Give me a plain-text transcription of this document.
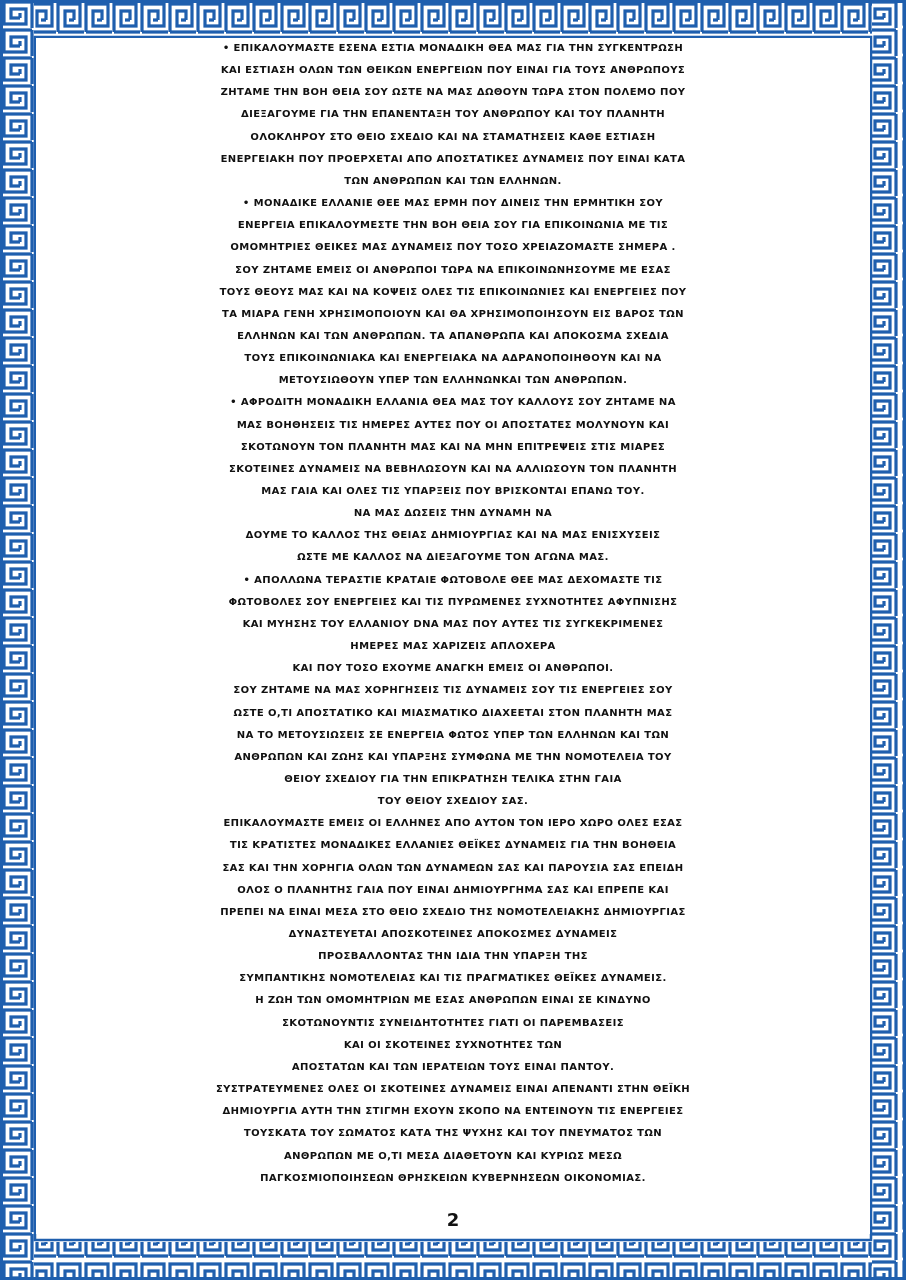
• ΕΠΙΚΑΛΟΥΜΑΣΤΕ ΕΣΕΝΑ ΕΣΤΙΑ ΜΟΝΑΔΙΚΗ ΘΕΑ ΜΑΣ ΓΙΑ ΤΗΝ ΣΥΓΚΕΝΤΡΩΣΗ
ΚΑΙ ΕΣΤΙΑΣΗ ΟΛΩΝ ΤΩΝ ΘΕΙΚΩΝ ΕΝΕΡΓΕΙΩΝ ΠΟΥ ΕΙΝΑΙ ΓΙΑ ΤΟΥΣ ΑΝΘΡΩΠΟΥΣ
ΖΗΤΑΜΕ ΤΗΝ ΒΟΗ ΘΕΙΑ ΣΟΥ ΩΣΤΕ ΝΑ ΜΑΣ ΔΩΘΟΥΝ ΤΩΡΑ ΣΤΟΝ ΠΟΛΕΜΟ ΠΟΥ
ΔΙΕΞΑΓΟΥΜΕ ΓΙΑ ΤΗΝ ΕΠΑΝΕΝΤΑΞΗ ΤΟΥ ΑΝΘΡΩΠΟΥ ΚΑΙ ΤΟΥ ΠΛΑΝΗΤΗ
ΟΛΟΚΛΗΡΟΥ ΣΤΟ ΘΕΙΟ ΣΧΕΔΙΟ ΚΑΙ ΝΑ ΣΤΑΜΑΤΗΣΕΙΣ ΚΑΘΕ ΕΣΤΙΑΣΗ
ΕΝΕΡΓΕΙΑΚΗ ΠΟΥ ΠΡΟΕΡΧΕΤΑΙ ΑΠΟ ΑΠΟΣΤΑΤΙΚΕΣ ΔΥΝΑΜΕΙΣ ΠΟΥ ΕΙΝΑΙ ΚΑΤΑ
ΤΩΝ ΑΝΘΡΩΠΩΝ ΚΑΙ ΤΩΝ ΕΛΛΗΝΩΝ.
• ΜΟΝΑΔΙΚΕ ΕΛΛΑΝΙΕ ΘΕΕ ΜΑΣ ΕΡΜΗ ΠΟΥ ΔΙΝΕΙΣ ΤΗΝ ΕΡΜΗΤΙΚΗ ΣΟΥ
ΕΝΕΡΓΕΙΑ ΕΠΙΚΑΛΟΥΜΕΣΤΕ ΤΗΝ ΒΟΗ ΘΕΙΑ ΣΟΥ ΓΙΑ ΕΠΙΚΟΙΝΩΝΙΑ ΜΕ ΤΙΣ
ΟΜΟΜΗΤΡΙΕΣ ΘΕΙΚΕΣ ΜΑΣ ΔΥΝΑΜΕΙΣ ΠΟΥ ΤΟΣΟ ΧΡΕΙΑΖΟΜΑΣΤΕ ΣΗΜΕΡΑ .
ΣΟΥ ΖΗΤΑΜΕ ΕΜΕΙΣ ΟΙ ΑΝΘΡΩΠΟΙ ΤΩΡΑ ΝΑ ΕΠΙΚΟΙΝΩΝΗΣΟΥΜΕ ΜΕ ΕΣΑΣ
ΤΟΥΣ ΘΕΟΥΣ ΜΑΣ ΚΑΙ ΝΑ ΚΟΨΕΙΣ ΟΛΕΣ ΤΙΣ ΕΠΙΚΟΙΝΩΝΙΕΣ ΚΑΙ ΕΝΕΡΓΕΙΕΣ ΠΟΥ
ΤΑ ΜΙΑΡΑ ΓΕΝΗ ΧΡΗΣΙΜΟΠΟΙΟΥΝ ΚΑΙ ΘΑ ΧΡΗΣΙΜΟΠΟΙΗΣΟΥΝ ΕΙΣ ΒΑΡΟΣ ΤΩΝ
ΕΛΛΗΝΩΝ ΚΑΙ ΤΩΝ ΑΝΘΡΩΠΩΝ. ΤΑ ΑΠΑΝΘΡΩΠΑ ΚΑΙ ΑΠΟΚΟΣΜΑ ΣΧΕΔΙΑ
ΤΟΥΣ ΕΠΙΚΟΙΝΩΝΙΑΚΑ ΚΑΙ ΕΝΕΡΓΕΙΑΚΑ ΝΑ ΑΔΡΑΝΟΠΟΙΗΘΟΥΝ ΚΑΙ ΝΑ
ΜΕΤΟΥΣΙΩΘΟΥΝ ΥΠΕΡ ΤΩΝ ΕΛΛΗΝΩΝΚΑΙ ΤΩΝ ΑΝΘΡΩΠΩΝ.
• ΑΦΡΟΔΙΤΗ ΜΟΝΑΔΙΚΗ ΕΛΛΑΝΙΑ ΘΕΑ ΜΑΣ ΤΟΥ ΚΑΛΛΟΥΣ ΣΟΥ ΖΗΤΑΜΕ ΝΑ
ΜΑΣ ΒΟΗΘΗΣΕΙΣ ΤΙΣ ΗΜΕΡΕΣ ΑΥΤΕΣ ΠΟΥ ΟΙ ΑΠΟΣΤΑΤΕΣ ΜΟΛΥΝΟΥΝ ΚΑΙ
ΣΚΟΤΩΝΟΥΝ ΤΟΝ ΠΛΑΝΗΤΗ ΜΑΣ ΚΑΙ ΝΑ ΜΗΝ ΕΠΙΤΡΕΨΕΙΣ ΣΤΙΣ ΜΙΑΡΕΣ
ΣΚΟΤΕΙΝΕΣ ΔΥΝΑΜΕΙΣ ΝΑ ΒΕΒΗΛΩΣΟΥΝ ΚΑΙ ΝΑ ΑΛΛΙΩΣΟΥΝ ΤΟΝ ΠΛΑΝΗΤΗ
ΜΑΣ ΓΑΙΑ ΚΑΙ ΟΛΕΣ ΤΙΣ ΥΠΑΡΞΕΙΣ ΠΟΥ ΒΡΙΣΚΟΝΤΑΙ ΕΠΑΝΩ ΤΟΥ.
ΝΑ ΜΑΣ ΔΩΣΕΙΣ ΤΗΝ ΔΥΝΑΜΗ ΝΑ
ΔΟΥΜΕ ΤΟ ΚΑΛΛΟΣ ΤΗΣ ΘΕΙΑΣ ΔΗΜΙΟΥΡΓΙΑΣ ΚΑΙ ΝΑ ΜΑΣ ΕΝΙΣΧΥΣΕΙΣ
ΩΣΤΕ ΜΕ ΚΑΛΛΟΣ ΝΑ ΔΙΕΞΑΓΟΥΜΕ ΤΟΝ ΑΓΩΝΑ ΜΑΣ.
• ΑΠΟΛΛΩΝΑ ΤΕΡΑΣΤΙΕ ΚΡΑΤΑΙΕ ΦΩΤΟΒΟΛΕ ΘΕΕ ΜΑΣ ΔΕΧΟΜΑΣΤΕ ΤΙΣ
ΦΩΤΟΒΟΛΕΣ ΣΟΥ ΕΝΕΡΓΕΙΕΣ ΚΑΙ ΤΙΣ ΠΥΡΩΜΕΝΕΣ ΣΥΧΝΟΤΗΤΕΣ ΑΦΥΠΝΙΣΗΣ
ΚΑΙ ΜΥΗΣΗΣ ΤΟΥ ΕΛΛΑΝΙΟΥ DNA ΜΑΣ ΠΟΥ ΑΥΤΕΣ ΤΙΣ ΣΥΓΚΕΚΡΙΜΕΝΕΣ
ΗΜΕΡΕΣ ΜΑΣ ΧΑΡΙΖΕΙΣ ΑΠΛΟΧΕΡΑ
ΚΑΙ ΠΟΥ ΤΟΣΟ ΕΧΟΥΜΕ ΑΝΑΓΚΗ ΕΜΕΙΣ ΟΙ ΑΝΘΡΩΠΟΙ.
ΣΟΥ ΖΗΤΑΜΕ ΝΑ ΜΑΣ ΧΟΡΗΓΗΣΕΙΣ ΤΙΣ ΔΥΝΑΜΕΙΣ ΣΟΥ ΤΙΣ ΕΝΕΡΓΕΙΕΣ ΣΟΥ
ΩΣΤΕ Ο,ΤΙ ΑΠΟΣΤΑΤΙΚΟ ΚΑΙ ΜΙΑΣΜΑΤΙΚΟ ΔΙΑΧΕΕΤΑΙ ΣΤΟΝ ΠΛΑΝΗΤΗ ΜΑΣ
ΝΑ ΤΟ ΜΕΤΟΥΣΙΩΣΕΙΣ ΣΕ ΕΝΕΡΓΕΙΑ ΦΩΤΟΣ ΥΠΕΡ ΤΩΝ ΕΛΛΗΝΩΝ ΚΑΙ ΤΩΝ
ΑΝΘΡΩΠΩΝ ΚΑΙ ΖΩΗΣ ΚΑΙ ΥΠΑΡΞΗΣ ΣΥΜΦΩΝΑ ΜΕ ΤΗΝ ΝΟΜΟΤΕΛΕΙΑ ΤΟΥ
ΘΕΙΟΥ ΣΧΕΔΙΟΥ ΓΙΑ ΤΗΝ ΕΠΙΚΡΑΤΗΣΗ ΤΕΛΙΚΑ ΣΤΗΝ ΓΑΙΑ
ΤΟΥ ΘΕΙΟΥ ΣΧΕΔΙΟΥ ΣΑΣ.
ΕΠΙΚΑΛΟΥΜΑΣΤΕ ΕΜΕΙΣ ΟΙ ΕΛΛΗΝΕΣ ΑΠΟ ΑΥΤΟΝ ΤΟΝ ΙΕΡΟ ΧΩΡΟ ΟΛΕΣ ΕΣΑΣ
ΤΙΣ ΚΡΑΤΙΣΤΕΣ ΜΟΝΑΔΙΚΕΣ ΕΛΛΑΝΙΕΣ ΘΕΪΚΕΣ ΔΥΝΑΜΕΙΣ ΓΙΑ ΤΗΝ ΒΟΗΘΕΙΑ
ΣΑΣ ΚΑΙ ΤΗΝ ΧΟΡΗΓΙΑ ΟΛΩΝ ΤΩΝ ΔΥΝΑΜΕΩΝ ΣΑΣ ΚΑΙ ΠΑΡΟΥΣΙΑ ΣΑΣ ΕΠΕΙΔΗ
ΟΛΟΣ Ο ΠΛΑΝΗΤΗΣ ΓΑΙΑ ΠΟΥ ΕΙΝΑΙ ΔΗΜΙΟΥΡΓΗΜΑ ΣΑΣ ΚΑΙ ΕΠΡΕΠΕ ΚΑΙ
ΠΡΕΠΕΙ ΝΑ ΕΙΝΑΙ ΜΕΣΑ ΣΤΟ ΘΕΙΟ ΣΧΕΔΙΟ ΤΗΣ ΝΟΜΟΤΕΛΕΙΑΚΗΣ ΔΗΜΙΟΥΡΓΙΑΣ
ΔΥΝΑΣΤΕΥΕΤΑΙ ΑΠΟΣΚΟΤΕΙΝΕΣ ΑΠΟΚΟΣΜΕΣ ΔΥΝΑΜΕΙΣ
ΠΡΟΣΒΑΛΛΟΝΤΑΣ ΤΗΝ ΙΔΙΑ ΤΗΝ ΥΠΑΡΞΗ ΤΗΣ
ΣΥΜΠΑΝΤΙΚΗΣ ΝΟΜΟΤΕΛΕΙΑΣ ΚΑΙ ΤΙΣ ΠΡΑΓΜΑΤΙΚΕΣ ΘΕΪΚΕΣ ΔΥΝΑΜΕΙΣ.
Η ΖΩΗ ΤΩΝ ΟΜΟΜΗΤΡΙΩΝ ΜΕ ΕΣΑΣ ΑΝΘΡΩΠΩΝ ΕΙΝΑΙ ΣΕ ΚΙΝΔΥΝΟ
ΣΚΟΤΩΝΟΥΝΤΙΣ ΣΥΝΕΙΔΗΤΟΤΗΤΕΣ ΓΙΑΤΙ ΟΙ ΠΑΡΕΜΒΑΣΕΙΣ
ΚΑΙ ΟΙ ΣΚΟΤΕΙΝΕΣ ΣΥΧΝΟΤΗΤΕΣ ΤΩΝ
ΑΠΟΣΤΑΤΩΝ ΚΑΙ ΤΩΝ ΙΕΡΑΤΕΙΩΝ ΤΟΥΣ ΕΙΝΑΙ ΠΑΝΤΟΥ.
ΣΥΣΤΡΑΤΕΥΜΕΝΕΣ ΟΛΕΣ ΟΙ ΣΚΟΤΕΙΝΕΣ ΔΥΝΑΜΕΙΣ ΕΙΝΑΙ ΑΠΕΝΑΝΤΙ ΣΤΗΝ ΘΕΪΚΗ
ΔΗΜΙΟΥΡΓΙΑ ΑΥΤΗ ΤΗΝ ΣΤΙΓΜΗ ΕΧΟΥΝ ΣΚΟΠΟ ΝΑ ΕΝΤΕΙΝΟΥΝ ΤΙΣ ΕΝΕΡΓΕΙΕΣ
ΤΟΥΣΚΑΤΑ ΤΟΥ ΣΩΜΑΤΟΣ ΚΑΤΑ ΤΗΣ ΨΥΧΗΣ ΚΑΙ ΤΟΥ ΠΝΕΥΜΑΤΟΣ ΤΩΝ
ΑΝΘΡΩΠΩΝ ΜΕ Ο,ΤΙ ΜΕΣΑ ΔΙΑΘΕΤΟΥΝ ΚΑΙ ΚΥΡΙΩΣ ΜΕΣΩ
ΠΑΓΚΟΣΜΙΟΠΟΙΗΣΕΩΝ ΘΡΗΣΚΕΙΩΝ ΚΥΒΕΡΝΗΣΕΩΝ ΟΙΚΟΝΟΜΙΑΣ.
2
